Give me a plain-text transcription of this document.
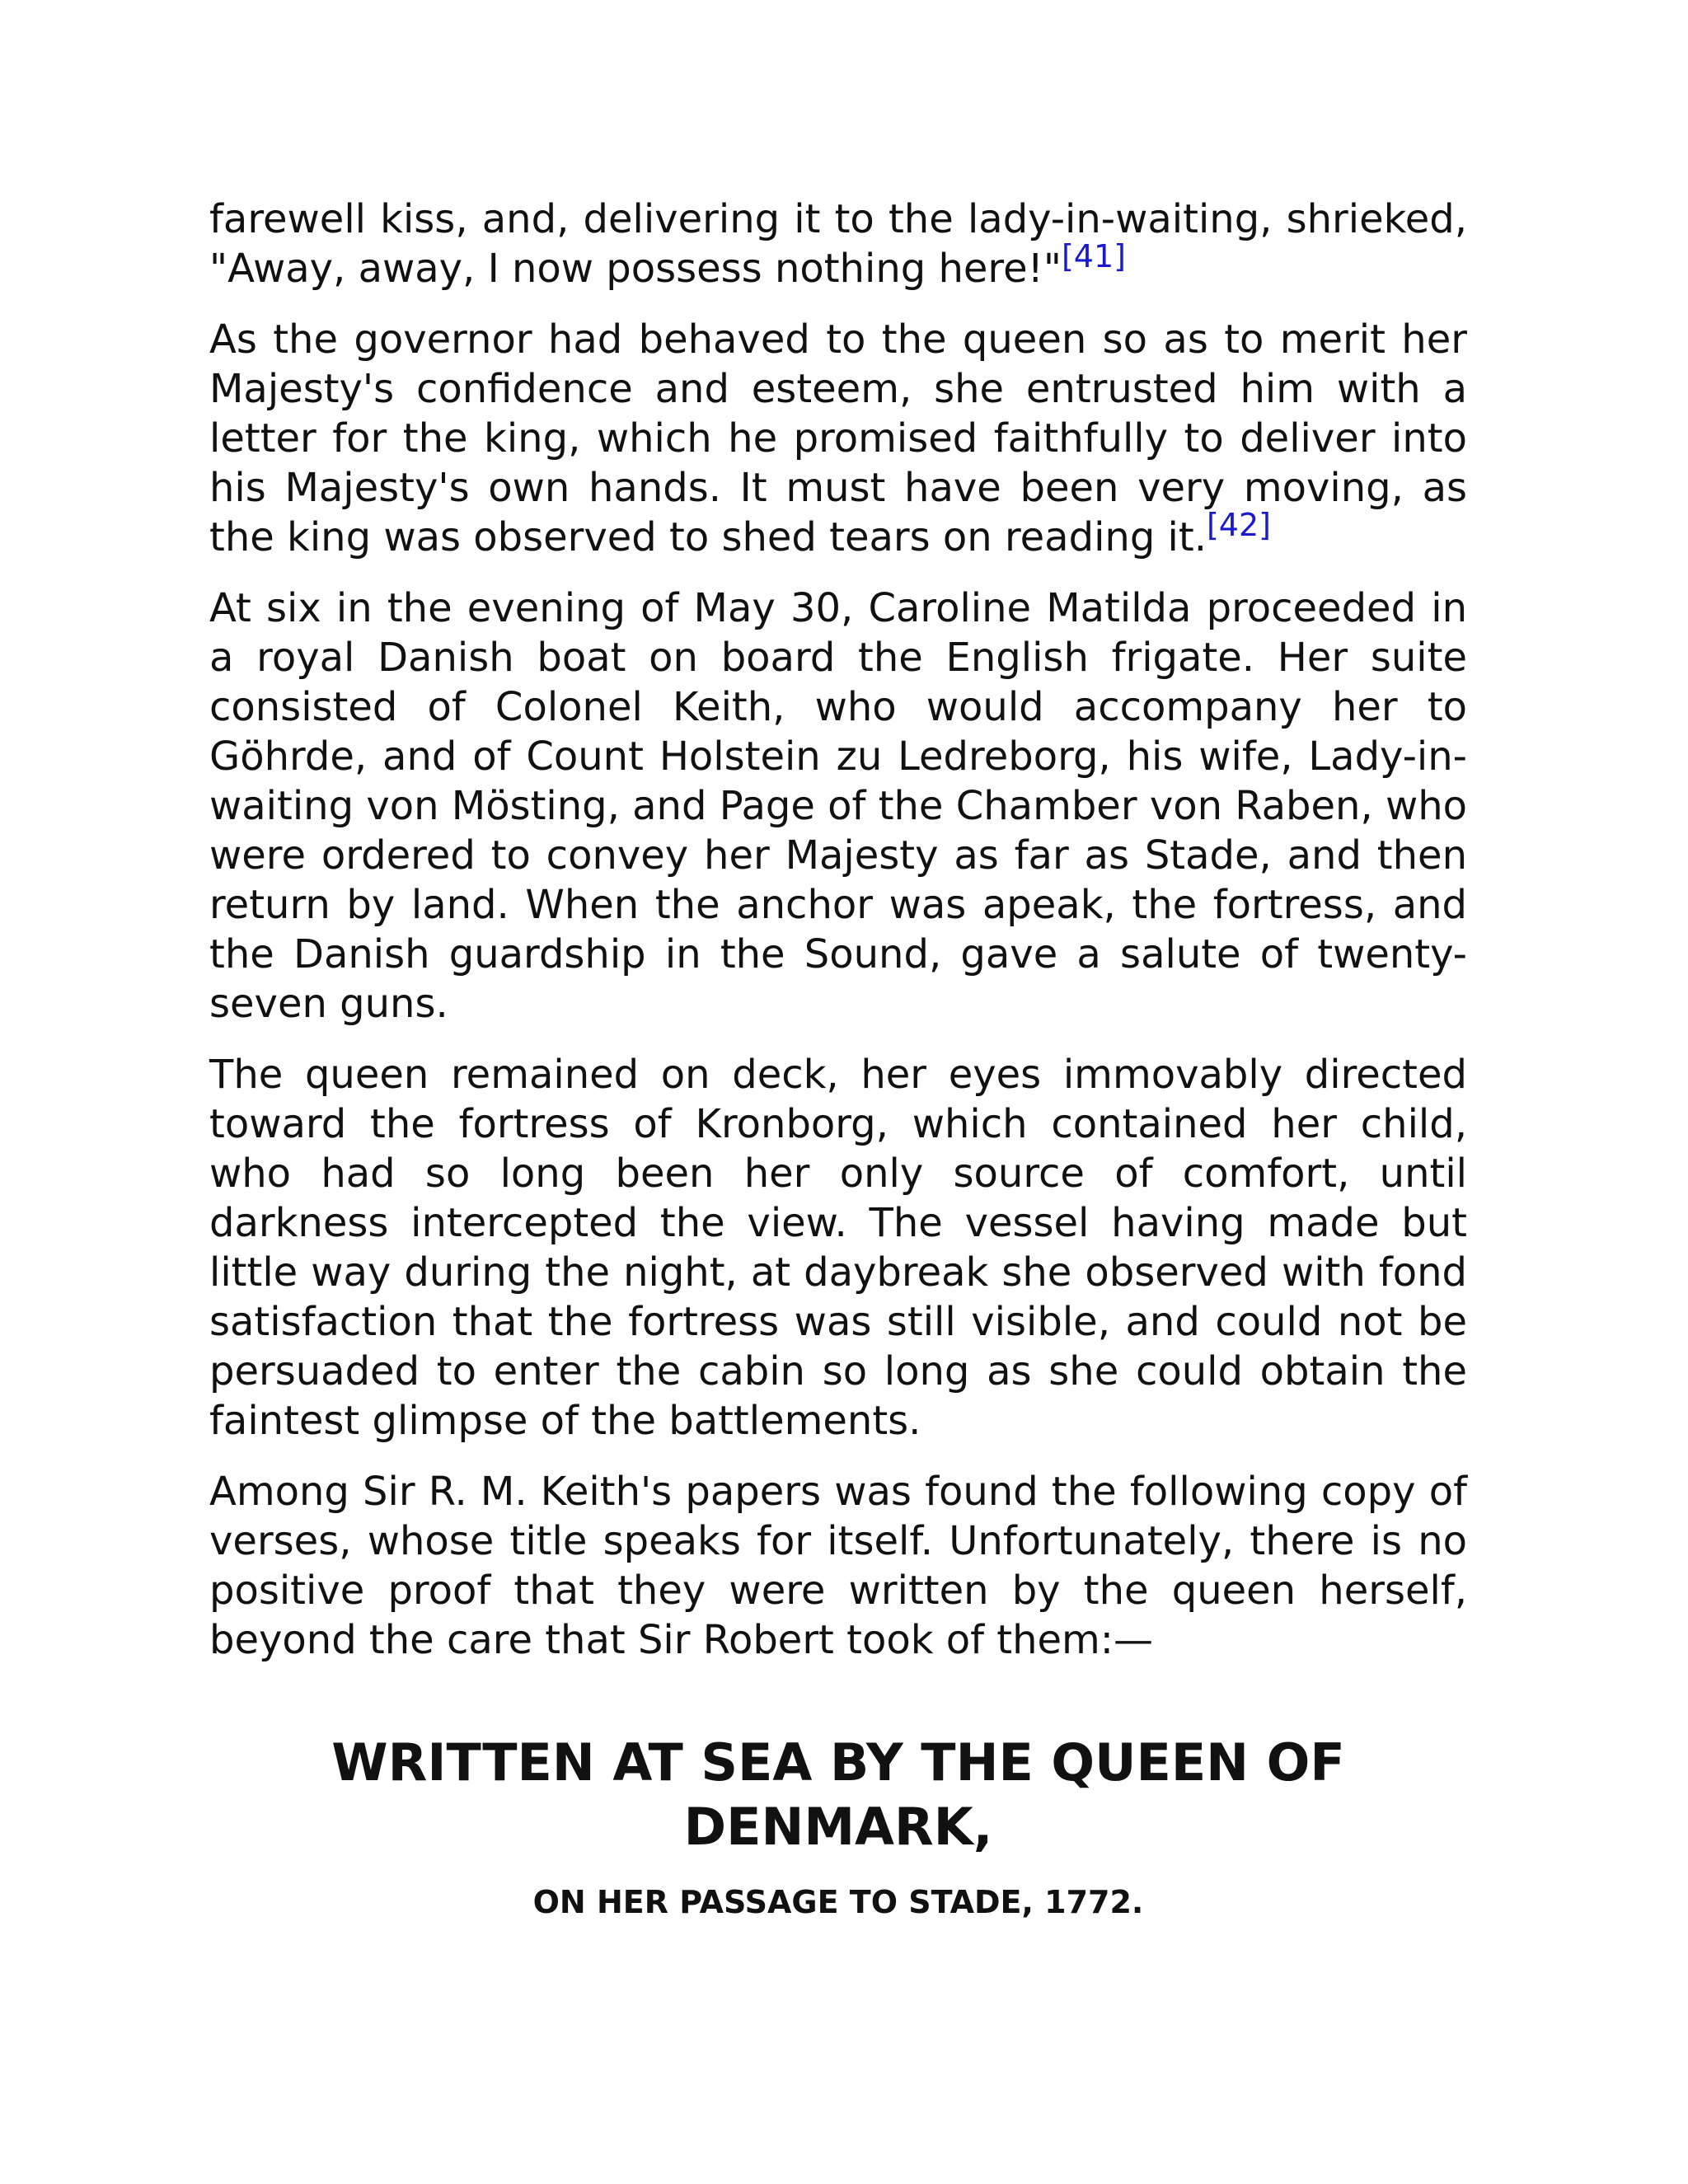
farewell kiss, and, delivering it to the lady-in-waiting, shrieked, "Away, away, I now possess nothing here!"[41]

As the governor had behaved to the queen so as to merit her Majesty's confidence and esteem, she entrusted him with a letter for the king, which he promised faithfully to deliver into his Majesty's own hands. It must have been very moving, as the king was observed to shed tears on reading it.[42]

At six in the evening of May 30, Caroline Matilda proceeded in a royal Danish boat on board the English frigate. Her suite consisted of Colonel Keith, who would accompany her to Göhrde, and of Count Holstein zu Ledreborg, his wife, Lady-in-waiting von Mösting, and Page of the Chamber von Raben, who were ordered to convey her Majesty as far as Stade, and then return by land. When the anchor was apeak, the fortress, and the Danish guardship in the Sound, gave a salute of twenty-seven guns.

The queen remained on deck, her eyes immovably directed toward the fortress of Kronborg, which contained her child, who had so long been her only source of comfort, until darkness intercepted the view. The vessel having made but little way during the night, at daybreak she observed with fond satisfaction that the fortress was still visible, and could not be persuaded to enter the cabin so long as she could obtain the faintest glimpse of the battlements.

Among Sir R. M. Keith's papers was found the following copy of verses, whose title speaks for itself. Unfortunately, there is no positive proof that they were written by the queen herself, beyond the care that Sir Robert took of them:—

WRITTEN AT SEA BY THE QUEEN OF
DENMARK,
ON HER PASSAGE TO STADE, 1772.
